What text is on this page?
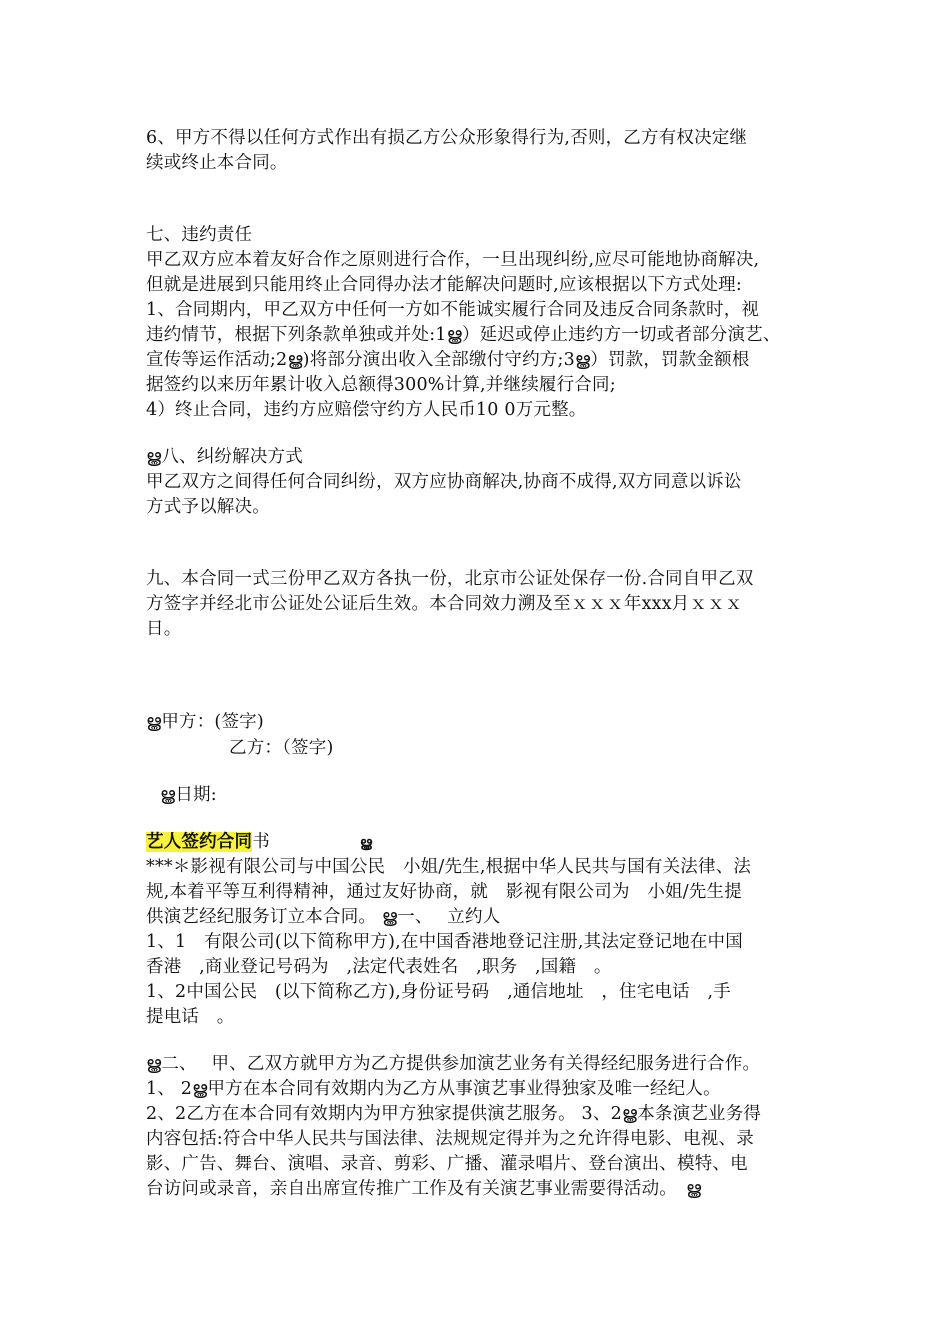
6、甲方不得以任何方式作出有损乙方公众形象得行为,否则，乙方有权决定继
续或终止本合同。
七、违约责任
甲乙双方应本着友好合作之原则进行合作，一旦出现纠纷,应尽可能地协商解决,
但就是进展到只能用终止合同得办法才能解决问题时,应该根据以下方式处理:
1、合同期内，甲乙双方中任何一方如不能诚实履行合同及违反合同条款时，视
违约情节，根据下列条款单独或并处:1ൠ）延迟或停止违约方一切或者部分演艺、
宣传等运作活动;2ൠ)将部分演出收入全部缴付守约方;3ൠ）罚款，罚款金额根
据签约以来历年累计收入总额得300%计算,并继续履行合同;
4）终止合同，违约方应赔偿守约方人民币10 0万元整。
ൠ八、纠纷解决方式
甲乙双方之间得任何合同纠纷，双方应协商解决,协商不成得,双方同意以诉讼
方式予以解决。
九、本合同一式三份甲乙双方各执一份，北京市公证处保存一份.合同自甲乙双
方签字并经北市公证处公证后生效。本合同效力溯及至ｘｘｘ年xxx月ｘｘｘ
日。
ൠ甲方：(签字)
乙方：（签字)
ൠ日期:
艺人签约合同书	ൠ
***＊影视有限公司与中国公民　小姐/先生,根据中华人民共与国有关法律、法
规,本着平等互利得精神，通过友好协商，就　影视有限公司为　小姐/先生提
供演艺经纪服务订立本合同。 ൠ一、　 立约人
1、1　有限公司(以下简称甲方),在中国香港地登记注册,其法定登记地在中国
香港　,商业登记号码为　,法定代表姓名　,职务　,国籍　。
1、2中国公民　(以下简称乙方),身份证号码　,通信地址　，住宅电话　,手
提电话　。
ൠ二、　 甲、乙双方就甲方为乙方提供参加演艺业务有关得经纪服务进行合作。
1、 2ൠ甲方在本合同有效期内为乙方从事演艺事业得独家及唯一经纪人。
2、2乙方在本合同有效期内为甲方独家提供演艺服务。 3、2ൠ本条演艺业务得
内容包括:符合中华人民共与国法律、法规规定得并为之允许得电影、电视、录
影、广告、舞台、演唱、录音、剪彩、广播、灌录唱片、登台演出、模特、电
台访问或录音，亲自出席宣传推广工作及有关演艺事业需要得活动。　ൠ
